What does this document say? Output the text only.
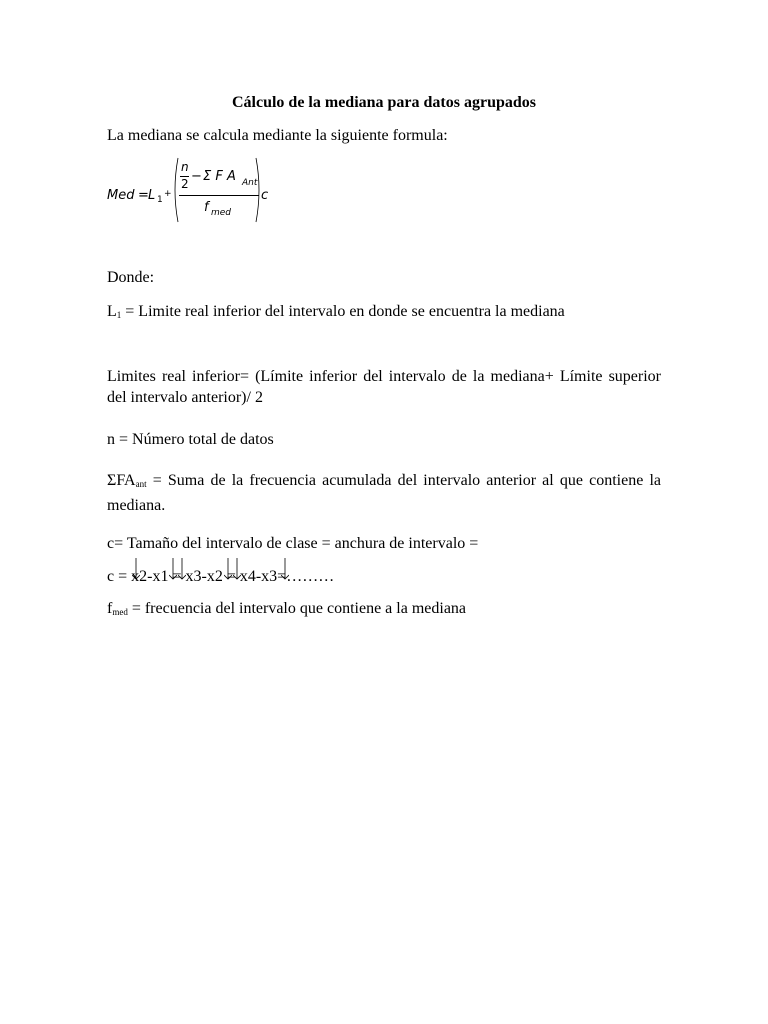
Cálculo de la mediana para datos agrupados
La mediana se calcula mediante la siguiente formula:
Med = L 1
+
n
2 − Σ F A Ant
f med
c
Donde:
$L_1$ = Limite real inferior del intervalo en donde se encuentra la mediana
Limites real inferior= (Límite inferior del intervalo de la mediana+ Límite superior del intervalo anterior)/ 2
n = Número total de datos
$\Sigma FA_{ant}$ = Suma de la frecuencia acumulada del intervalo anterior al que contiene la mediana.
c= Tamaño del intervalo de clase = anchura de intervalo =
c =
x2-x1
=
x3-x2
=
x4-x3
=………
$f_{med}$ = frecuencia del intervalo que contiene a la mediana
